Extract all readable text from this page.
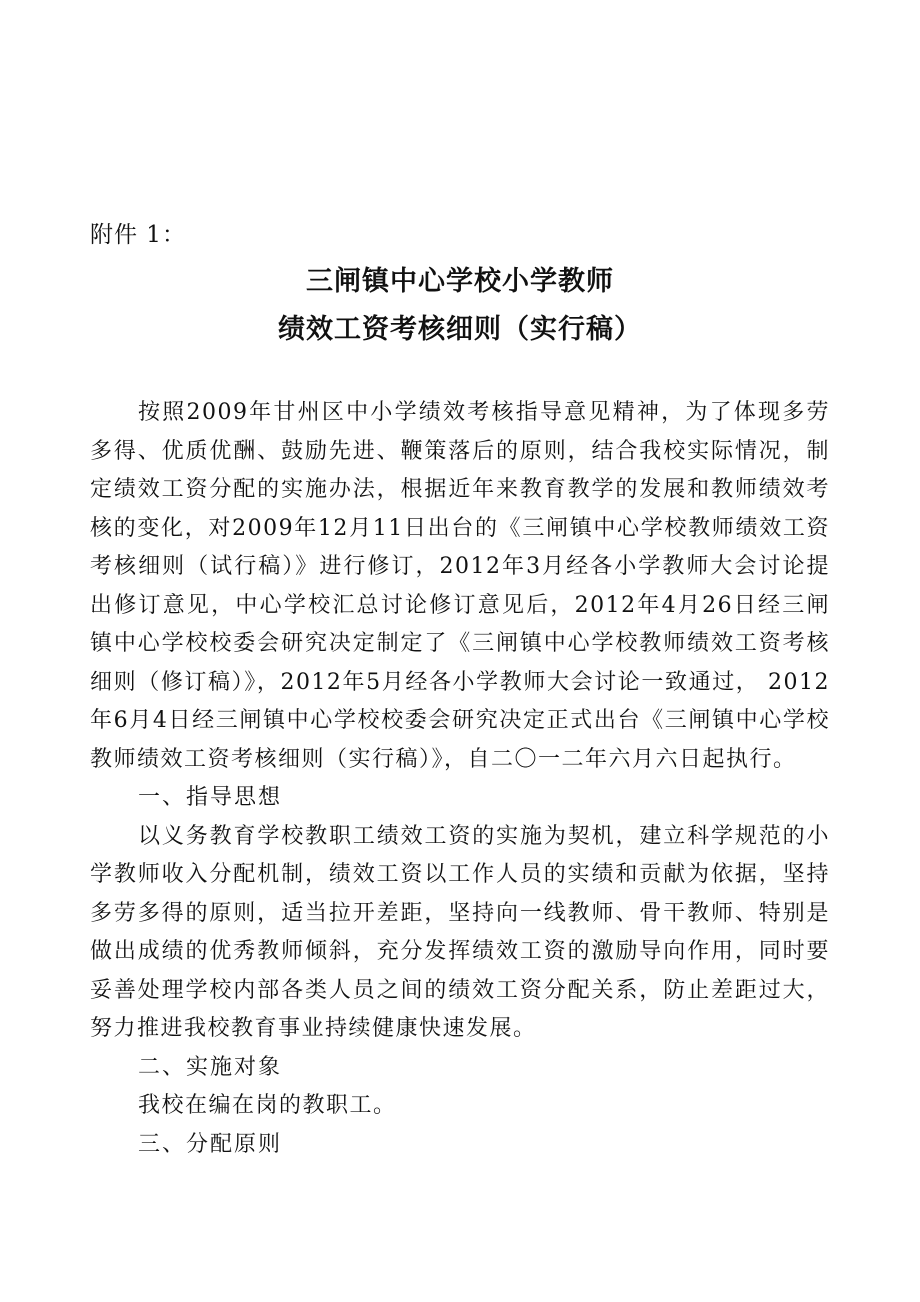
附件 1：
三闸镇中心学校小学教师
绩效工资考核细则（实行稿）

按照2009年甘州区中小学绩效考核指导意见精神，为了体现多劳多得、优质优酬、鼓励先进、鞭策落后的原则，结合我校实际情况，制定绩效工资分配的实施办法，根据近年来教育教学的发展和教师绩效考核的变化，对2009年12月11日出台的《三闸镇中心学校教师绩效工资考核细则（试行稿）》进行修订，2012年3月经各小学教师大会讨论提出修订意见，中心学校汇总讨论修订意见后，2012年4月26日经三闸镇中心学校校委会研究决定制定了《三闸镇中心学校教师绩效工资考核细则（修订稿）》，2012年5月经各小学教师大会讨论一致通过， 2012年6月4日经三闸镇中心学校校委会研究决定正式出台《三闸镇中心学校教师绩效工资考核细则（实行稿）》，自二〇一二年六月六日起执行。

一、指导思想

以义务教育学校教职工绩效工资的实施为契机，建立科学规范的小学教师收入分配机制，绩效工资以工作人员的实绩和贡献为依据，坚持多劳多得的原则，适当拉开差距，坚持向一线教师、骨干教师、特别是做出成绩的优秀教师倾斜，充分发挥绩效工资的激励导向作用，同时要妥善处理学校内部各类人员之间的绩效工资分配关系，防止差距过大，努力推进我校教育事业持续健康快速发展。

二、实施对象

我校在编在岗的教职工。

三、分配原则
